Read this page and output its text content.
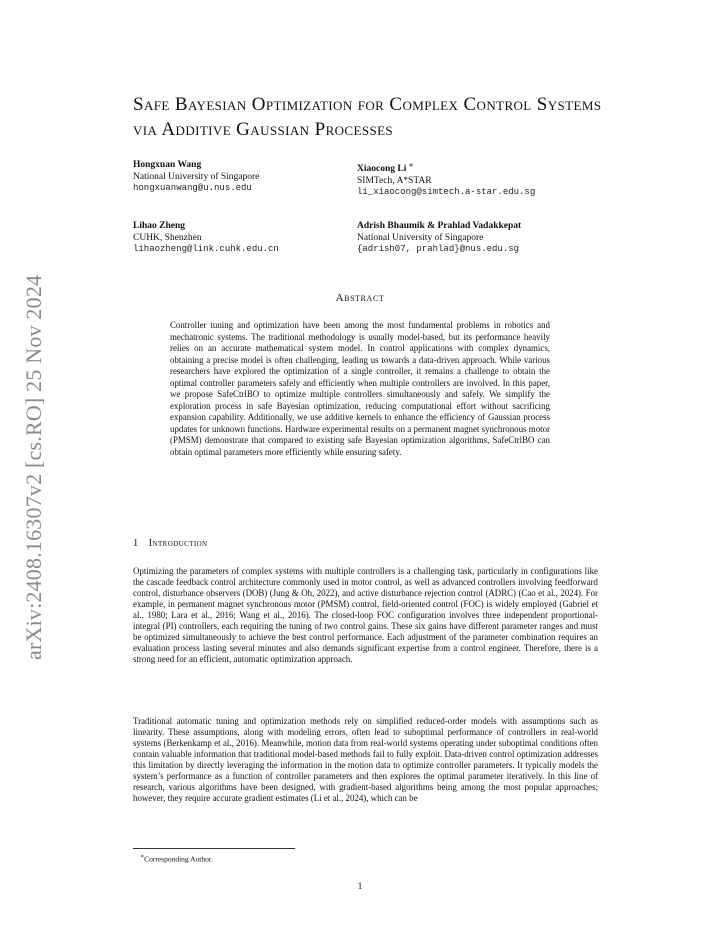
arXiv:2408.16307v2 [cs.RO] 25 Nov 2024
Safe Bayesian Optimization for Complex Control Systems via Additive Gaussian Processes
Hongxuan Wang
National University of Singapore
hongxuanwang@u.nus.edu
Xiaocong Li ∗
SIMTech, A*STAR
li_xiaocong@simtech.a-star.edu.sg
Lihao Zheng
CUHK, Shenzhen
lihaozheng@link.cuhk.edu.cn
Adrish Bhaumik & Prahlad Vadakkepat
National University of Singapore
{adrish07, prahlad}@nus.edu.sg
Abstract

Controller tuning and optimization have been among the most fundamental problems in robotics and mechatronic systems. The traditional methodology is usually model-based, but its performance heavily relies on an accurate mathematical system model. In control applications with complex dynamics, obtaining a precise model is often challenging, leading us towards a data-driven approach. While various researchers have explored the optimization of a single controller, it remains a challenge to obtain the optimal controller parameters safely and efficiently when multiple controllers are involved. In this paper, we propose SafeCtrlBO to optimize multiple controllers simultaneously and safely. We simplify the exploration process in safe Bayesian optimization, reducing computational effort without sacrificing expansion capability. Additionally, we use additive kernels to enhance the efficiency of Gaussian process updates for unknown functions. Hardware experimental results on a permanent magnet synchronous motor (PMSM) demonstrate that compared to existing safe Bayesian optimization algorithms, SafeCtrlBO can obtain optimal parameters more efficiently while ensuring safety.

1 Introduction

Optimizing the parameters of complex systems with multiple controllers is a challenging task, particularly in configurations like the cascade feedback control architecture commonly used in motor control, as well as advanced controllers involving feedforward control, disturbance observers (DOB) (Jung & Oh, 2022), and active disturbance rejection control (ADRC) (Cao et al., 2024). For example, in permanent magnet synchronous motor (PMSM) control, field-oriented control (FOC) is widely employed (Gabriel et al., 1980; Lara et al., 2016; Wang et al., 2016). The closed-loop FOC configuration involves three independent proportional-integral (PI) controllers, each requiring the tuning of two control gains. These six gains have different parameter ranges and must be optimized simultaneously to achieve the best control performance. Each adjustment of the parameter combination requires an evaluation process lasting several minutes and also demands significant expertise from a control engineer. Therefore, there is a strong need for an efficient, automatic optimization approach.

Traditional automatic tuning and optimization methods rely on simplified reduced-order models with assumptions such as linearity. These assumptions, along with modeling errors, often lead to suboptimal performance of controllers in real-world systems (Berkenkamp et al., 2016). Meanwhile, motion data from real-world systems operating under suboptimal conditions often contain valuable information that traditional model-based methods fail to fully exploit. Data-driven control optimization addresses this limitation by directly leveraging the information in the motion data to optimize controller parameters. It typically models the system’s performance as a function of controller parameters and then explores the optimal parameter iteratively. In this line of research, various algorithms have been designed, with gradient-based algorithms being among the most popular approaches; however, they require accurate gradient estimates (Li et al., 2024), which can be

∗Corresponding Author.
1
